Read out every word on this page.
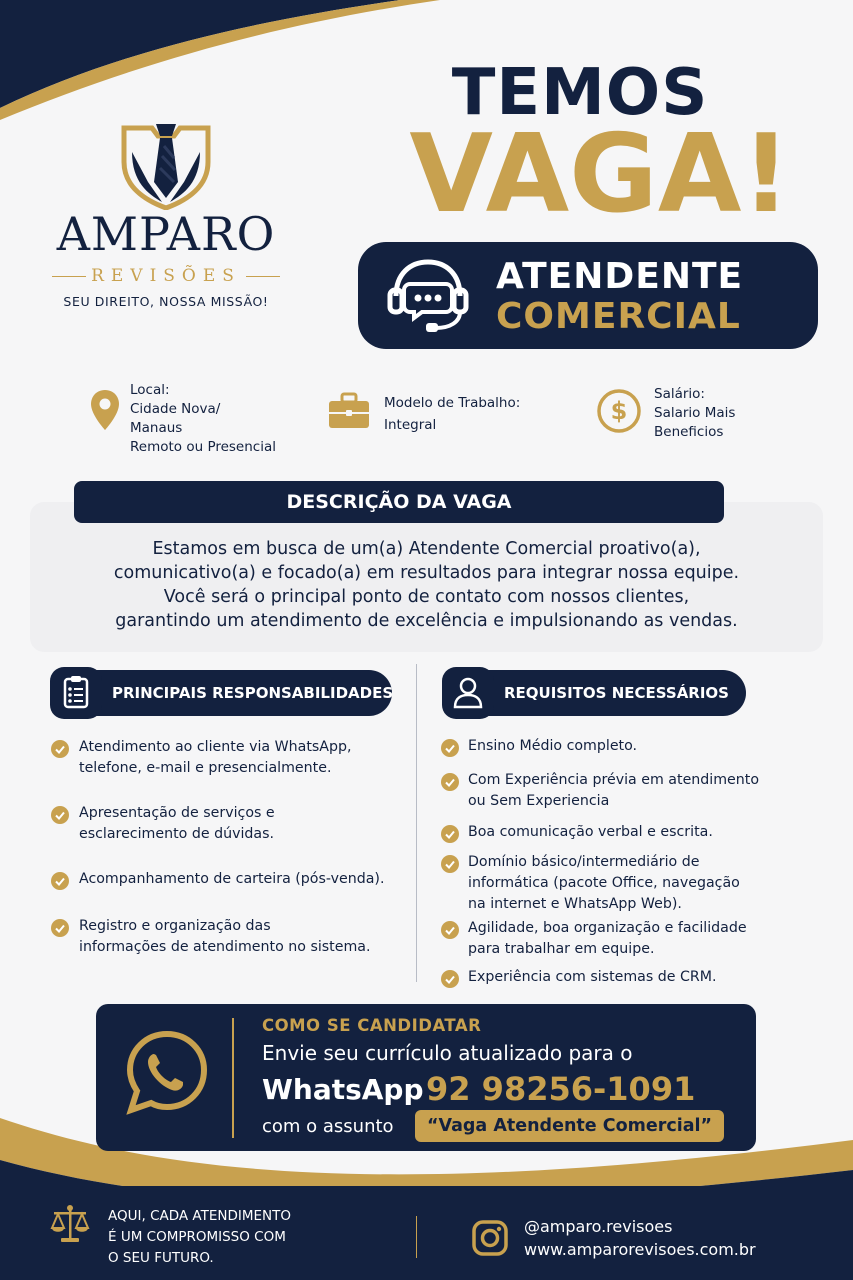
AMPARO
REVISÕES
SEU DIREITO, NOSSA MISSÃO!
TEMOS
VAGA!
ATENDENTE
COMERCIAL
Local:
Cidade Nova/
Manaus
Remoto ou Presencial
Modelo de Trabalho:
Integral	$
Salário:
Salario Mais
Beneficios
DESCRIÇÃO DA VAGA
Estamos em busca de um(a) Atendente Comercial proativo(a),
comunicativo(a) e focado(a) em resultados para integrar nossa equipe.
Você será o principal ponto de contato com nossos clientes,
garantindo um atendimento de excelência e impulsionando as vendas.
PRINCIPAIS RESPONSABILIDADES	REQUISITOS NECESSÁRIOS
Atendimento ao cliente via WhatsApp,
telefone, e-mail e presencialmente.
Apresentação de serviços e
esclarecimento de dúvidas.
Acompanhamento de carteira (pós-venda).
Registro e organização das
informações de atendimento no sistema.
Ensino Médio completo.
Com Experiência prévia em atendimento
ou Sem Experiencia
Boa comunicação verbal e escrita.
Domínio básico/intermediário de
informática (pacote Office, navegação
na internet e WhatsApp Web).
Agilidade, boa organização e facilidade
para trabalhar em equipe.
Experiência com sistemas de CRM.
COMO SE CANDIDATAR
Envie seu currículo atualizado para o
WhatsApp 92 98256-1091
com o assunto	“Vaga Atendente Comercial”
AQUI, CADA ATENDIMENTO
É UM COMPROMISSO COM
O SEU FUTURO.
@amparo.revisoes
www.amparorevisoes.com.br
